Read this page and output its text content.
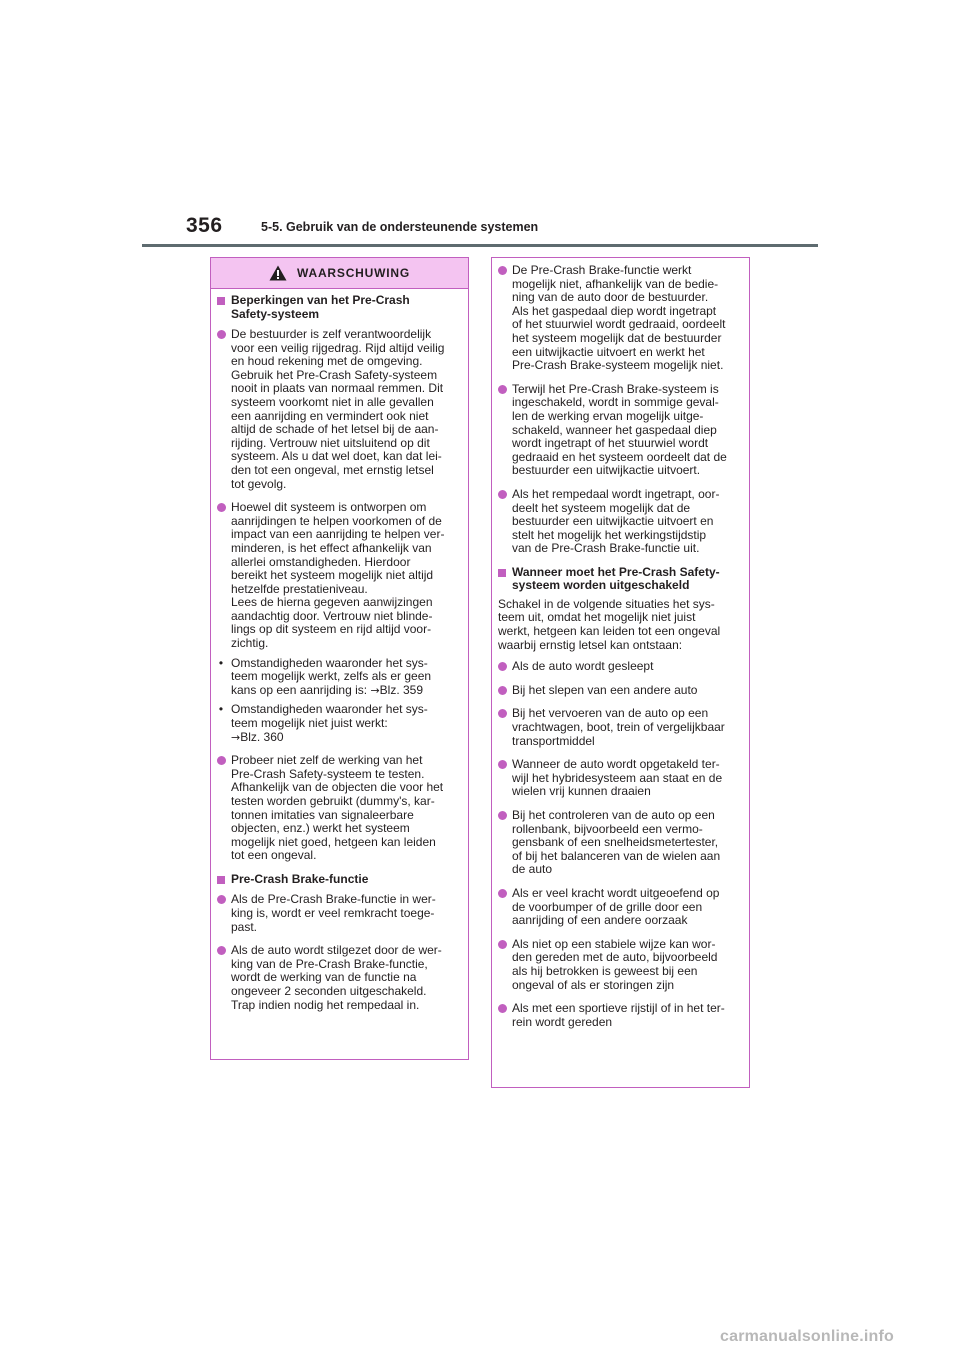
356	5-5. Gebruik van de ondersteunende systemen
WAARSCHUWING
Beperkingen van het Pre-Crash
Safety-systeem
De bestuurder is zelf verantwoordelijk
voor een veilig rijgedrag. Rijd altijd veilig
en houd rekening met de omgeving.
Gebruik het Pre-Crash Safety-systeem
nooit in plaats van normaal remmen. Dit
systeem voorkomt niet in alle gevallen
een aanrijding en vermindert ook niet
altijd de schade of het letsel bij de aan-
rijding. Vertrouw niet uitsluitend op dit
systeem. Als u dat wel doet, kan dat lei-
den tot een ongeval, met ernstig letsel
tot gevolg.
Hoewel dit systeem is ontworpen om
aanrijdingen te helpen voorkomen of de
impact van een aanrijding te helpen ver-
minderen, is het effect afhankelijk van
allerlei omstandigheden. Hierdoor
bereikt het systeem mogelijk niet altijd
hetzelfde prestatieniveau.
Lees de hierna gegeven aanwijzingen
aandachtig door. Vertrouw niet blinde-
lings op dit systeem en rijd altijd voor-
zichtig.
• Omstandigheden waaronder het sys-
teem mogelijk werkt, zelfs als er geen
kans op een aanrijding is: →Blz. 359
• Omstandigheden waaronder het sys-
teem mogelijk niet juist werkt:
→Blz. 360
Probeer niet zelf de werking van het
Pre-Crash Safety-systeem te testen.
Afhankelijk van de objecten die voor het
testen worden gebruikt (dummy's, kar-
tonnen imitaties van signaleerbare
objecten, enz.) werkt het systeem
mogelijk niet goed, hetgeen kan leiden
tot een ongeval.
Pre-Crash Brake-functie
Als de Pre-Crash Brake-functie in wer-
king is, wordt er veel remkracht toege-
past.
Als de auto wordt stilgezet door de wer-
king van de Pre-Crash Brake-functie,
wordt de werking van de functie na
ongeveer 2 seconden uitgeschakeld.
Trap indien nodig het rempedaal in.
De Pre-Crash Brake-functie werkt
mogelijk niet, afhankelijk van de bedie-
ning van de auto door de bestuurder.
Als het gaspedaal diep wordt ingetrapt
of het stuurwiel wordt gedraaid, oordeelt
het systeem mogelijk dat de bestuurder
een uitwijkactie uitvoert en werkt het
Pre-Crash Brake-systeem mogelijk niet.
Terwijl het Pre-Crash Brake-systeem is
ingeschakeld, wordt in sommige geval-
len de werking ervan mogelijk uitge-
schakeld, wanneer het gaspedaal diep
wordt ingetrapt of het stuurwiel wordt
gedraaid en het systeem oordeelt dat de
bestuurder een uitwijkactie uitvoert.
Als het rempedaal wordt ingetrapt, oor-
deelt het systeem mogelijk dat de
bestuurder een uitwijkactie uitvoert en
stelt het mogelijk het werkingstijdstip
van de Pre-Crash Brake-functie uit.
Wanneer moet het Pre-Crash Safety-
systeem worden uitgeschakeld
Schakel in de volgende situaties het sys-
teem uit, omdat het mogelijk niet juist
werkt, hetgeen kan leiden tot een ongeval
waarbij ernstig letsel kan ontstaan:
Als de auto wordt gesleept
Bij het slepen van een andere auto
Bij het vervoeren van de auto op een
vrachtwagen, boot, trein of vergelijkbaar
transportmiddel
Wanneer de auto wordt opgetakeld ter-
wijl het hybridesysteem aan staat en de
wielen vrij kunnen draaien
Bij het controleren van de auto op een
rollenbank, bijvoorbeeld een vermo-
gensbank of een snelheidsmetertester,
of bij het balanceren van de wielen aan
de auto
Als er veel kracht wordt uitgeoefend op
de voorbumper of de grille door een
aanrijding of een andere oorzaak
Als niet op een stabiele wijze kan wor-
den gereden met de auto, bijvoorbeeld
als hij betrokken is geweest bij een
ongeval of als er storingen zijn
Als met een sportieve rijstijl of in het ter-
rein wordt gereden
carmanualsonline.info
